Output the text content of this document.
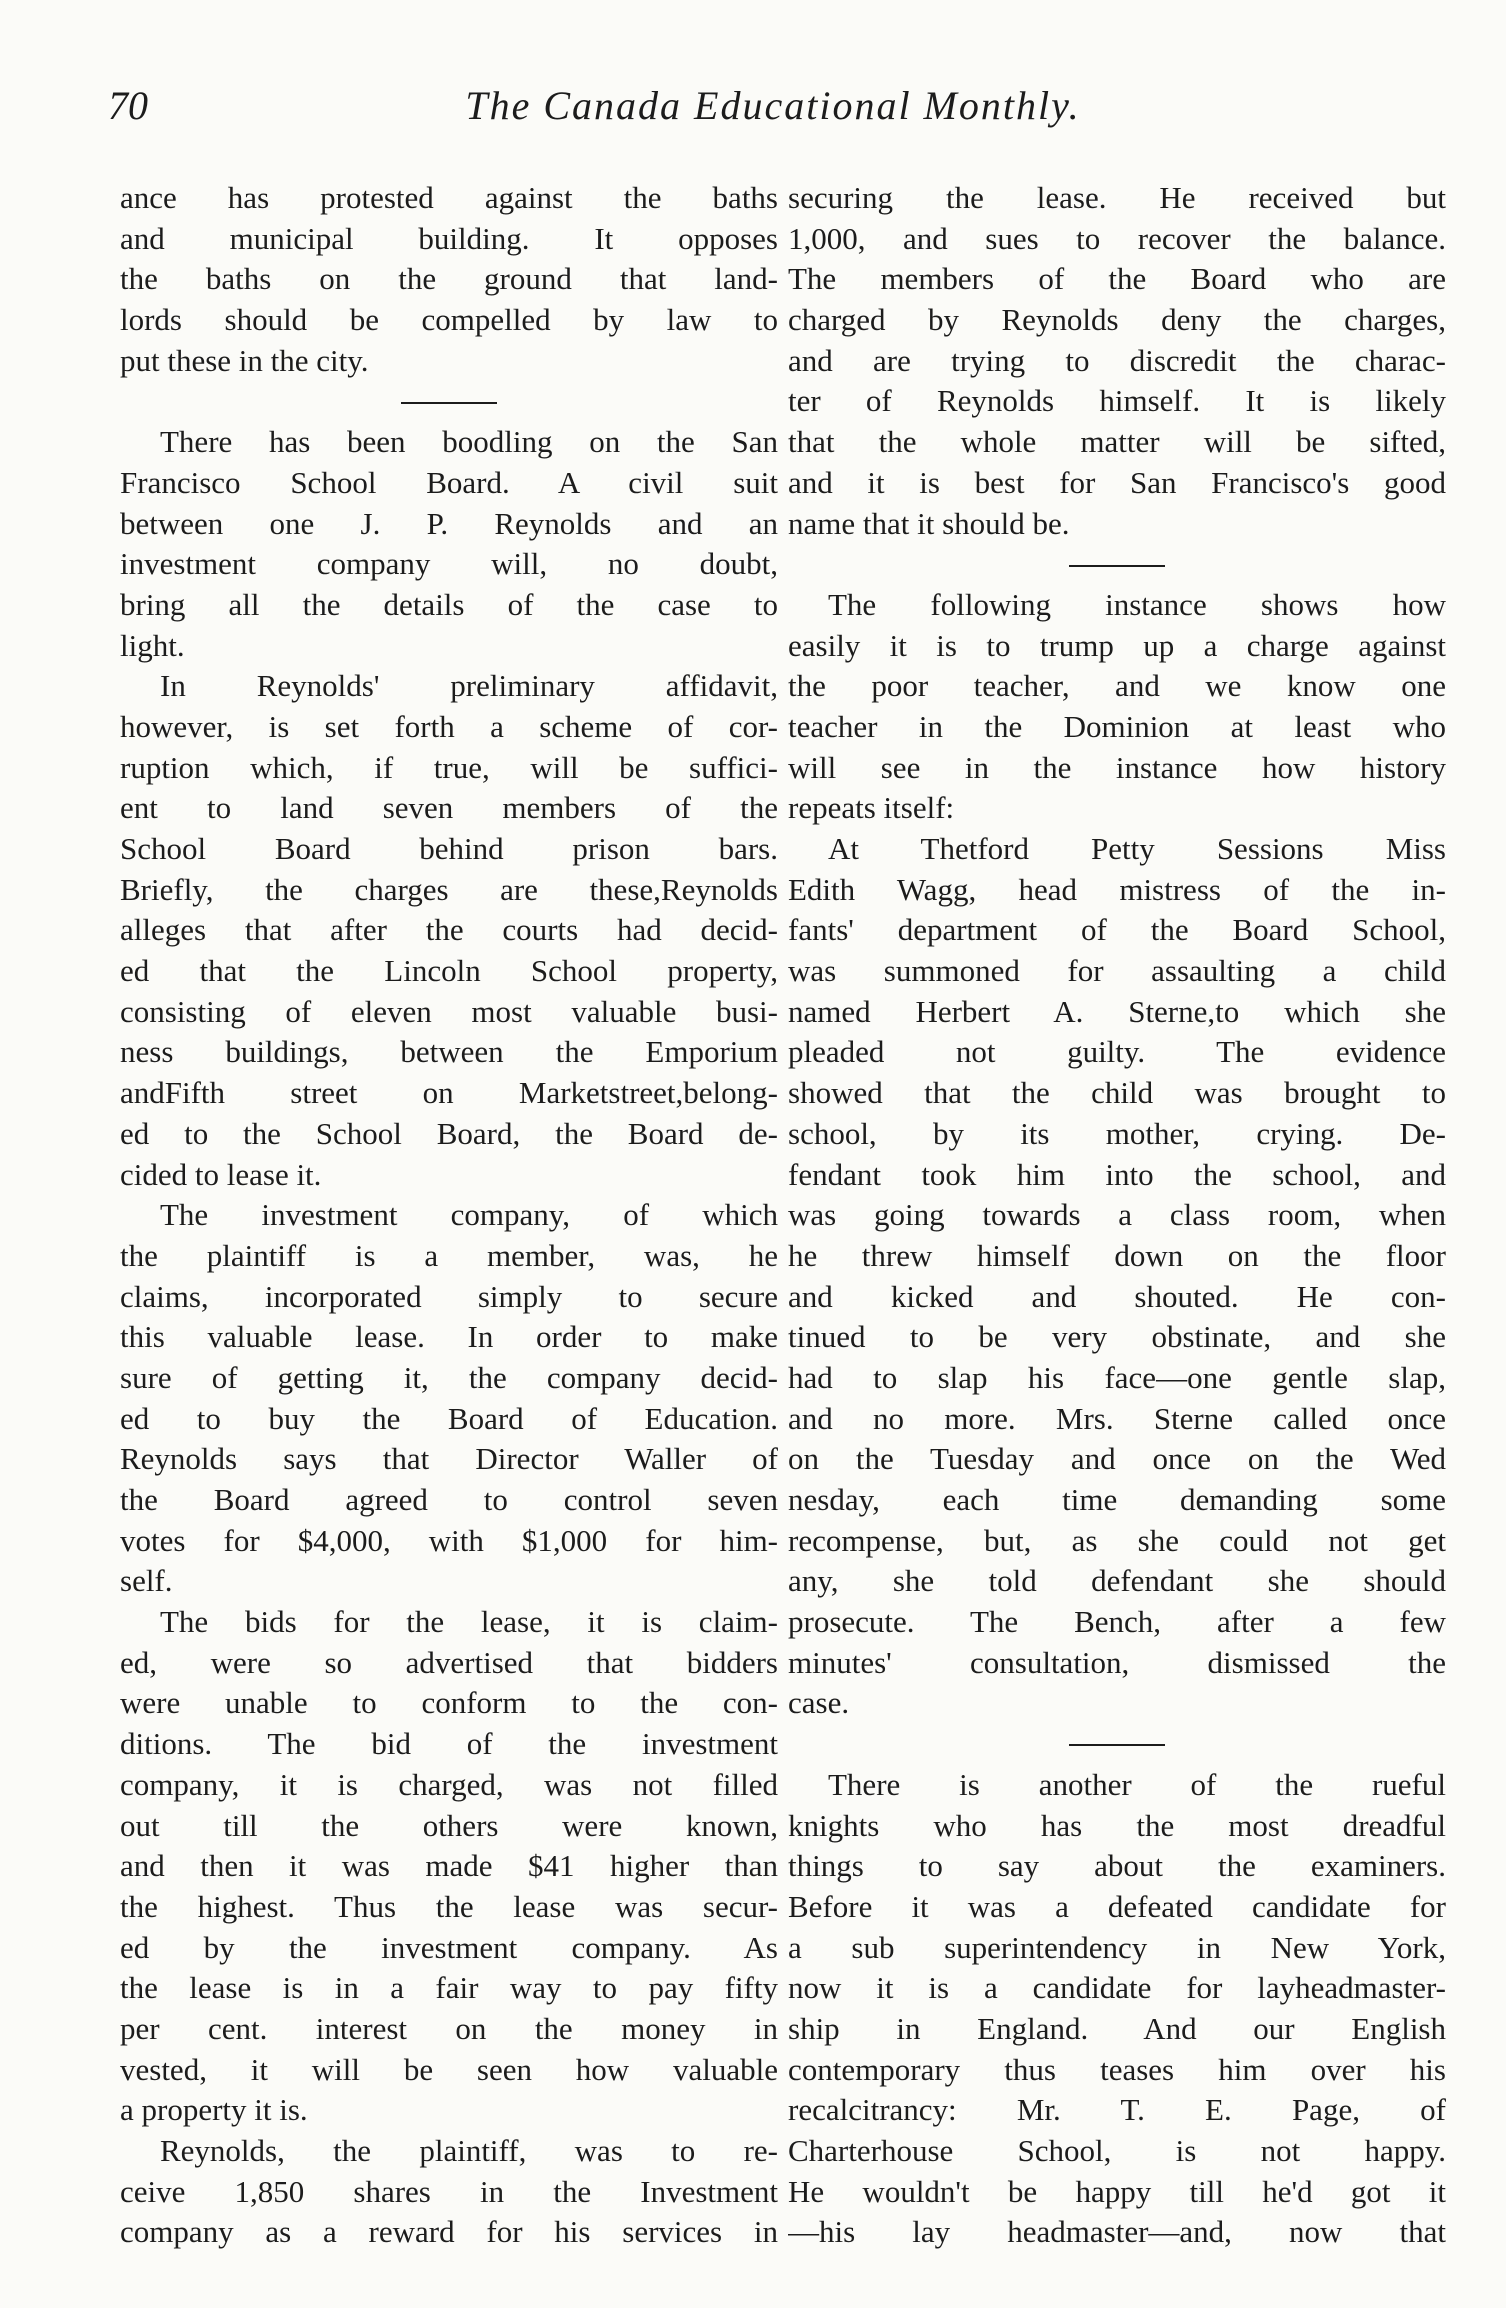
70	The Canada Educational Monthly.
ance has protested against the baths
and municipal building. It opposes
the baths on the ground that land-
lords should be compelled by law to
put these in the city.
There has been boodling on the San
Francisco School Board. A civil suit
between one J. P. Reynolds and an
investment company will, no doubt,
bring all the details of the case to
light.
In Reynolds' preliminary affidavit,
however, is set forth a scheme of cor-
ruption which, if true, will be suffici-
ent to land seven members of the
School Board behind prison bars.
Briefly, the charges are these,Reynolds
alleges that after the courts had decid-
ed that the Lincoln School property,
consisting of eleven most valuable busi-
ness buildings, between the Emporium
andFifth street on Marketstreet,belong-
ed to the School Board, the Board de-
cided to lease it.
The investment company, of which
the plaintiff is a member, was, he
claims, incorporated simply to secure
this valuable lease. In order to make
sure of getting it, the company decid-
ed to buy the Board of Education.
Reynolds says that Director Waller of
the Board agreed to control seven
votes for $4,000, with $1,000 for him-
self.
The bids for the lease, it is claim-
ed, were so advertised that bidders
were unable to conform to the con-
ditions. The bid of the investment
company, it is charged, was not filled
out till the others were known,
and then it was made $41 higher than
the highest. Thus the lease was secur-
ed by the investment company. As
the lease is in a fair way to pay fifty
per cent. interest on the money in
vested, it will be seen how valuable
a property it is.
Reynolds, the plaintiff, was to re-
ceive 1,850 shares in the Investment
company as a reward for his services in
securing the lease. He received but
1,000, and sues to recover the balance.
The members of the Board who are
charged by Reynolds deny the charges,
and are trying to discredit the charac-
ter of Reynolds himself. It is likely
that the whole matter will be sifted,
and it is best for San Francisco's good
name that it should be.
The following instance shows how
easily it is to trump up a charge against
the poor teacher, and we know one
teacher in the Dominion at least who
will see in the instance how history
repeats itself:
At Thetford Petty Sessions Miss
Edith Wagg, head mistress of the in-
fants' department of the Board School,
was summoned for assaulting a child
named Herbert A. Sterne,to which she
pleaded not guilty. The evidence
showed that the child was brought to
school, by its mother, crying. De-
fendant took him into the school, and
was going towards a class room, when
he threw himself down on the floor
and kicked and shouted. He con-
tinued to be very obstinate, and she
had to slap his face—one gentle slap,
and no more. Mrs. Sterne called once
on the Tuesday and once on the Wed
nesday, each time demanding some
recompense, but, as she could not get
any, she told defendant she should
prosecute. The Bench, after a few
minutes' consultation, dismissed the
case.
There is another of the rueful
knights who has the most dreadful
things to say about the examiners.
Before it was a defeated candidate for
a sub superintendency in New York,
now it is a candidate for layheadmaster-
ship in England. And our English
contemporary thus teases him over his
recalcitrancy: Mr. T. E. Page, of
Charterhouse School, is not happy.
He wouldn't be happy till he'd got it
—his lay headmaster—and, now that
